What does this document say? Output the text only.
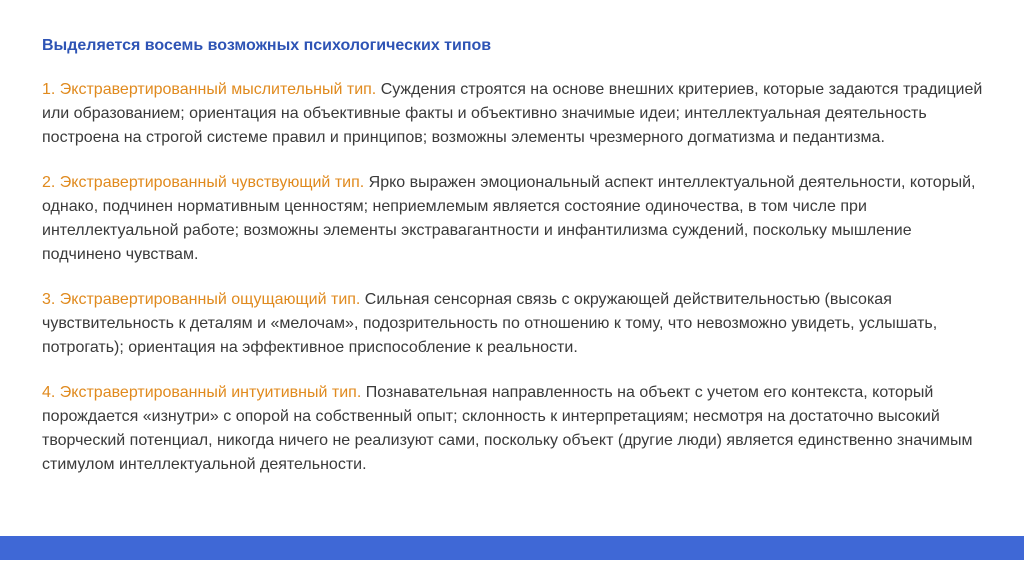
Выделяется восемь возможных психологических типов

1. Экстравертированный мыслительный тип. Суждения строятся на основе внешних критериев, которые задаются традицией или образованием; ориентация на объективные факты и объективно значимые идеи; интеллектуальная деятельность построена на строгой системе правил и принципов; возможны элементы чрезмерного догматизма и педантизма.

2. Экстравертированный чувствующий тип. Ярко выражен эмоциональный аспект интеллектуальной деятельности, который, однако, подчинен нормативным ценностям; неприемлемым является состояние одиночества, в том числе при интеллектуальной работе; возможны элементы экстравагантности и инфантилизма суждений, поскольку мышление подчинено чувствам.

3. Экстравертированный ощущающий тип. Сильная сенсорная связь с окружающей действительностью (высокая чувствительность к деталям и «мелочам», подозрительность по отношению к тому, что невозможно увидеть, услышать, потрогать); ориентация на эффективное приспособление к реальности.

4. Экстравертированный интуитивный тип. Познавательная направленность на объект с учетом его контекста, который порождается «изнутри» с опорой на собственный опыт; склонность к интерпретациям; несмотря на достаточно высокий творческий потенциал, никогда ничего не реализуют сами, поскольку объект (другие люди) является единственно значимым стимулом интеллектуальной деятельности.
